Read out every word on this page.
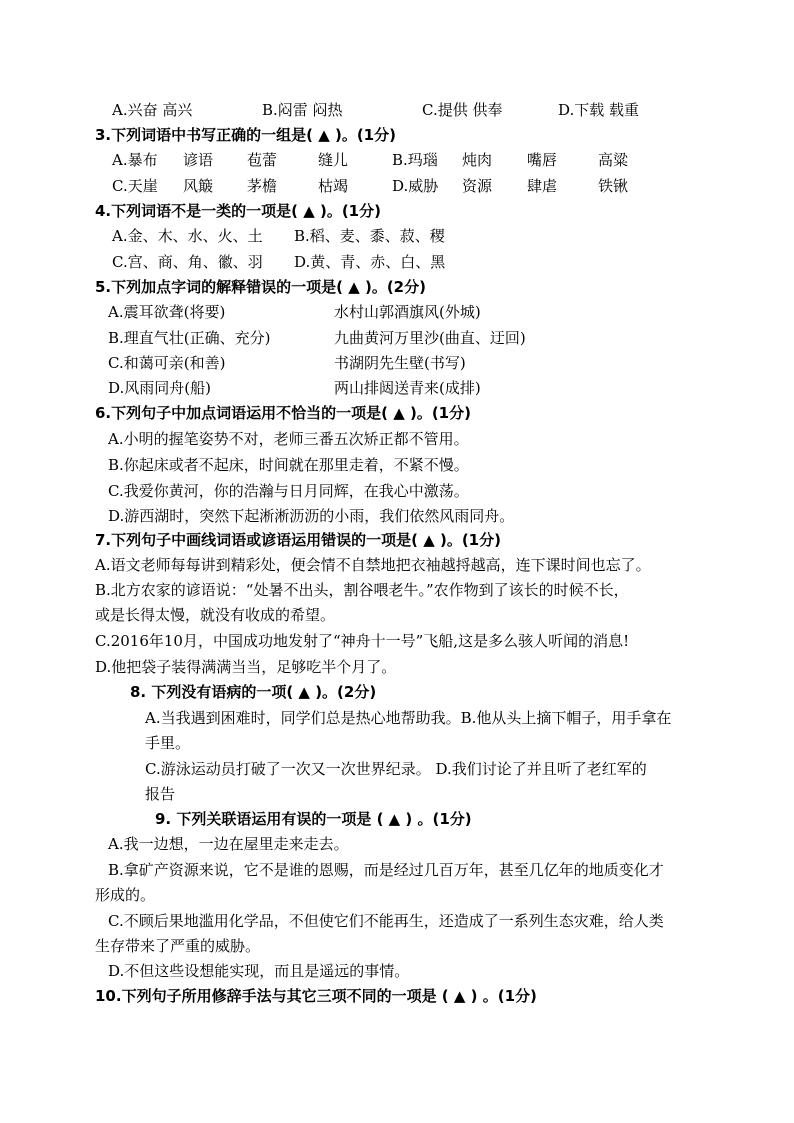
A.兴奋 高兴	B.闷雷 闷热	C.提供 供奉	D.下载 载重
3.下列词语中书写正确的一组是( ▲ )。(1分)
A.暴布 谚语 苞蕾	缝儿	B.玛瑙 炖肉 嘴唇	高粱
C.天崖 风簸 茅檐	枯竭	D.威胁 资源 肆虐	铁锹
4.下列词语不是一类的一项是( ▲ )。(1分)
A.金、木、水、火、土 B.稻、麦、黍、菽、稷
C.宫、商、角、徽、羽 D.黄、青、赤、白、黑
5.下列加点字词的解释错误的一项是( ▲ )。(2分)
A.震耳欲聋(将要)	水村山郭酒旗风(外城)
B.理直气壮(正确、充分)	九曲黄河万里沙(曲直、迂回)
C.和蔼可亲(和善)	书湖阴先生壁(书写)
D.风雨同舟(船)	两山排闼送青来(成排)
6.下列句子中加点词语运用不恰当的一项是( ▲ )。(1分)
A.小明的握笔姿势不对，老师三番五次矫正都不管用。
B.你起床或者不起床，时间就在那里走着，不紧不慢。
C.我爱你黄河，你的浩瀚与日月同辉，在我心中激荡。
D.游西湖时，突然下起淅淅沥沥的小雨，我们依然风雨同舟。
7.下列句子中画线词语或谚语运用错误的一项是( ▲ )。(1分)
A.语文老师每每讲到精彩处，便会情不自禁地把衣袖越捋越高，连下课时间也忘了。
B.北方农家的谚语说：“处暑不出头，割谷喂老牛。”农作物到了该长的时候不长，
或是长得太慢，就没有收成的希望。
C.2016年10月，中国成功地发射了“神舟十一号”飞船,这是多么骇人听闻的消息!
D.他把袋子装得满满当当，足够吃半个月了。
8. 下列没有语病的一项( ▲ )。(2分)
A.当我遇到困难时，同学们总是热心地帮助我。B.他从头上摘下帽子，用手拿在
手里。
C.游泳运动员打破了一次又一次世界纪录。 D.我们讨论了并且听了老红军的
报告
9. 下列关联语运用有误的一项是 ( ▲ ) 。(1分)
A.我一边想，一边在屋里走来走去。
B.拿矿产资源来说，它不是谁的恩赐，而是经过几百万年，甚至几亿年的地质变化才
形成的。
C.不顾后果地滥用化学品，不但使它们不能再生，还造成了一系列生态灾难，给人类
生存带来了严重的威胁。
D.不但这些设想能实现，而且是遥远的事情。
10.下列句子所用修辞手法与其它三项不同的一项是 ( ▲ ) 。(1分)
